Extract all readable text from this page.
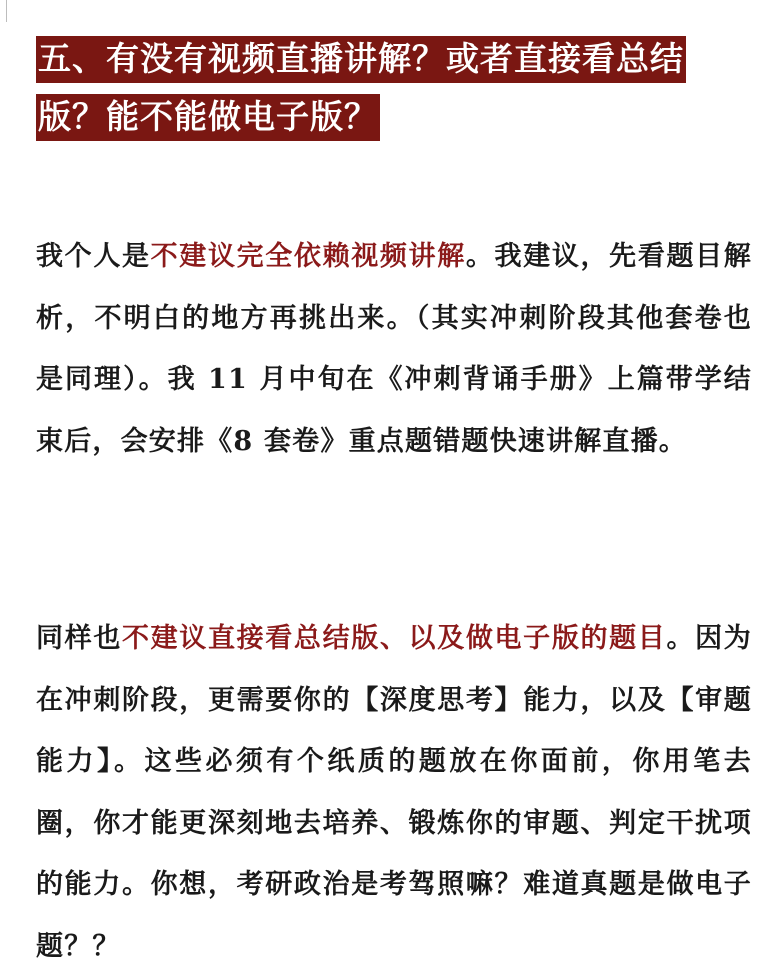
五、有没有视频直播讲解？或者直接看总结版？能不能做电子版？
我个人是不建议完全依赖视频讲解。我建议，先看题目解析，不明白的地方再挑出来。（其实冲刺阶段其他套卷也是同理）。我 11 月中旬在《冲刺背诵手册》上篇带学结束后，会安排《8 套卷》重点题错题快速讲解直播。
同样也不建议直接看总结版、以及做电子版的题目。因为在冲刺阶段，更需要你的【深度思考】能力，以及【审题能力】。这些必须有个纸质的题放在你面前，你用笔去圈，你才能更深刻地去培养、锻炼你的审题、判定干扰项的能力。你想，考研政治是考驾照嘛？难道真题是做电子题？？
